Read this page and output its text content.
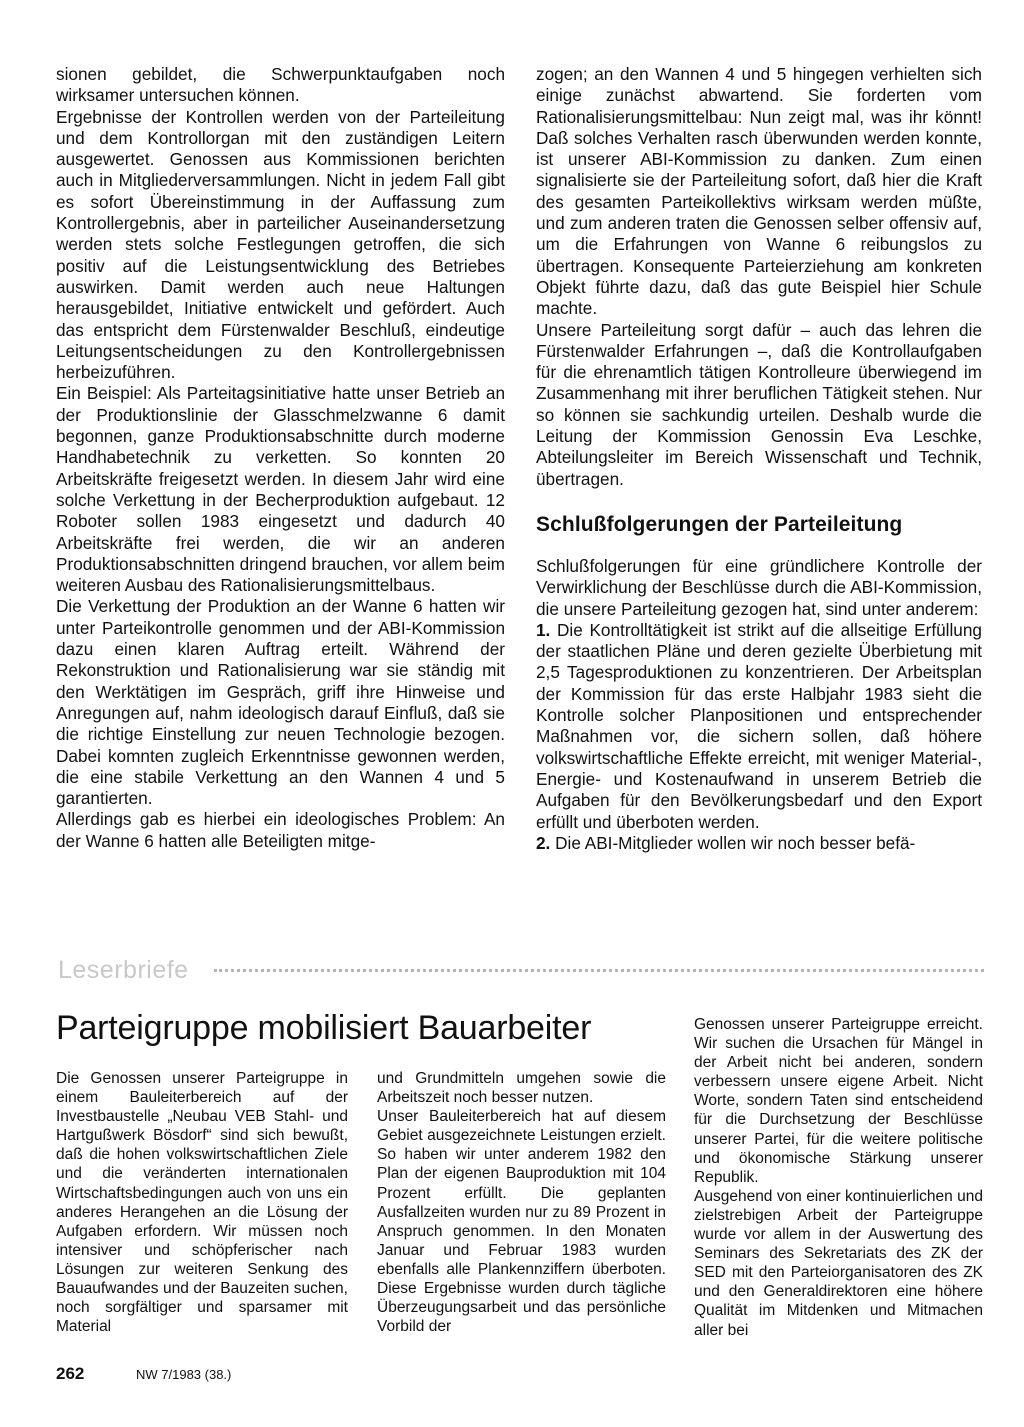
sionen gebildet, die Schwerpunktaufgaben noch wirksamer untersuchen können.

Ergebnisse der Kontrollen werden von der Parteileitung und dem Kontrollorgan mit den zuständigen Leitern ausgewertet. Genossen aus Kommissionen berichten auch in Mitgliederversammlungen. Nicht in jedem Fall gibt es sofort Übereinstimmung in der Auffassung zum Kontrollergebnis, aber in parteilicher Auseinandersetzung werden stets solche Festlegungen getroffen, die sich positiv auf die Leistungsentwicklung des Betriebes auswirken. Damit werden auch neue Haltungen herausgebildet, Initiative entwickelt und gefördert. Auch das entspricht dem Fürstenwalder Beschluß, eindeutige Leitungsentscheidungen zu den Kontrollergebnissen herbeizuführen.

Ein Beispiel: Als Parteitagsinitiative hatte unser Betrieb an der Produktionslinie der Glasschmelzwanne 6 damit begonnen, ganze Produktionsabschnitte durch moderne Handhabetechnik zu verketten. So konnten 20 Arbeitskräfte freigesetzt werden. In diesem Jahr wird eine solche Verkettung in der Becherproduktion aufgebaut. 12 Roboter sollen 1983 eingesetzt und dadurch 40 Arbeitskräfte frei werden, die wir an anderen Produktionsabschnitten dringend brauchen, vor allem beim weiteren Ausbau des Rationalisierungsmittelbaus.

Die Verkettung der Produktion an der Wanne 6 hatten wir unter Parteikontrolle genommen und der ABI-Kommission dazu einen klaren Auftrag erteilt. Während der Rekonstruktion und Rationalisierung war sie ständig mit den Werktätigen im Gespräch, griff ihre Hinweise und Anregungen auf, nahm ideologisch darauf Einfluß, daß sie die richtige Einstellung zur neuen Technologie bezogen. Dabei komnten zugleich Erkenntnisse gewonnen werden, die eine stabile Verkettung an den Wannen 4 und 5 garantierten.

Allerdings gab es hierbei ein ideologisches Problem: An der Wanne 6 hatten alle Beteiligten mitge-

zogen; an den Wannen 4 und 5 hingegen verhielten sich einige zunächst abwartend. Sie forderten vom Rationalisierungsmittelbau: Nun zeigt mal, was ihr könnt! Daß solches Verhalten rasch überwunden werden konnte, ist unserer ABI-Kommission zu danken. Zum einen signalisierte sie der Parteileitung sofort, daß hier die Kraft des gesamten Parteikollektivs wirksam werden müßte, und zum anderen traten die Genossen selber offensiv auf, um die Erfahrungen von Wanne 6 reibungslos zu übertragen. Konsequente Parteierziehung am konkreten Objekt führte dazu, daß das gute Beispiel hier Schule machte.

Unsere Parteileitung sorgt dafür – auch das lehren die Fürstenwalder Erfahrungen –, daß die Kontrollaufgaben für die ehrenamtlich tätigen Kontrolleure überwiegend im Zusammenhang mit ihrer beruflichen Tätigkeit stehen. Nur so können sie sachkundig urteilen. Deshalb wurde die Leitung der Kommission Genossin Eva Leschke, Abteilungsleiter im Bereich Wissenschaft und Technik, übertragen.

Schlußfolgerungen der Parteileitung

Schlußfolgerungen für eine gründlichere Kontrolle der Verwirklichung der Beschlüsse durch die ABI-Kommission, die unsere Parteileitung gezogen hat, sind unter anderem:

1. Die Kontrolltätigkeit ist strikt auf die allseitige Erfüllung der staatlichen Pläne und deren gezielte Überbietung mit 2,5 Tagesproduktionen zu konzentrieren. Der Arbeitsplan der Kommission für das erste Halbjahr 1983 sieht die Kontrolle solcher Planpositionen und entsprechender Maßnahmen vor, die sichern sollen, daß höhere volkswirtschaftliche Effekte erreicht, mit weniger Material-, Energie- und Kostenaufwand in unserem Betrieb die Aufgaben für den Bevölkerungsbedarf und den Export erfüllt und überboten werden.

2. Die ABI-Mitglieder wollen wir noch besser befä-

Leserbriefe
Parteigruppe mobilisiert Bauarbeiter

Die Genossen unserer Parteigruppe in einem Bauleiterbereich auf der Investbaustelle „Neubau VEB Stahl- und Hartgußwerk Bösdorf“ sind sich bewußt, daß die hohen volkswirtschaftlichen Ziele und die veränderten internationalen Wirtschaftsbedingungen auch von uns ein anderes Herangehen an die Lösung der Aufgaben erfordern. Wir müssen noch intensiver und schöpferischer nach Lösungen zur weiteren Senkung des Bauaufwandes und der Bauzeiten suchen, noch sorgfältiger und sparsamer mit Material

und Grundmitteln umgehen sowie die Arbeitszeit noch besser nutzen.

Unser Bauleiterbereich hat auf diesem Gebiet ausgezeichnete Leistungen erzielt. So haben wir unter anderem 1982 den Plan der eigenen Bauproduktion mit 104 Prozent erfüllt. Die geplanten Ausfallzeiten wurden nur zu 89 Prozent in Anspruch genommen. In den Monaten Januar und Februar 1983 wurden ebenfalls alle Plankennziffern überboten. Diese Ergebnisse wurden durch tägliche Überzeugungsarbeit und das persönliche Vorbild der

Genossen unserer Parteigruppe erreicht. Wir suchen die Ursachen für Mängel in der Arbeit nicht bei anderen, sondern verbessern unsere eigene Arbeit. Nicht Worte, sondern Taten sind entscheidend für die Durchsetzung der Beschlüsse unserer Partei, für die weitere politische und ökonomische Stärkung unserer Republik.

Ausgehend von einer kontinuierlichen und zielstrebigen Arbeit der Parteigruppe wurde vor allem in der Auswertung des Seminars des Sekretariats des ZK der SED mit den Parteiorganisatoren des ZK und den Generaldirektoren eine höhere Qualität im Mitdenken und Mitmachen aller bei

262	NW 7/1983 (38.)
